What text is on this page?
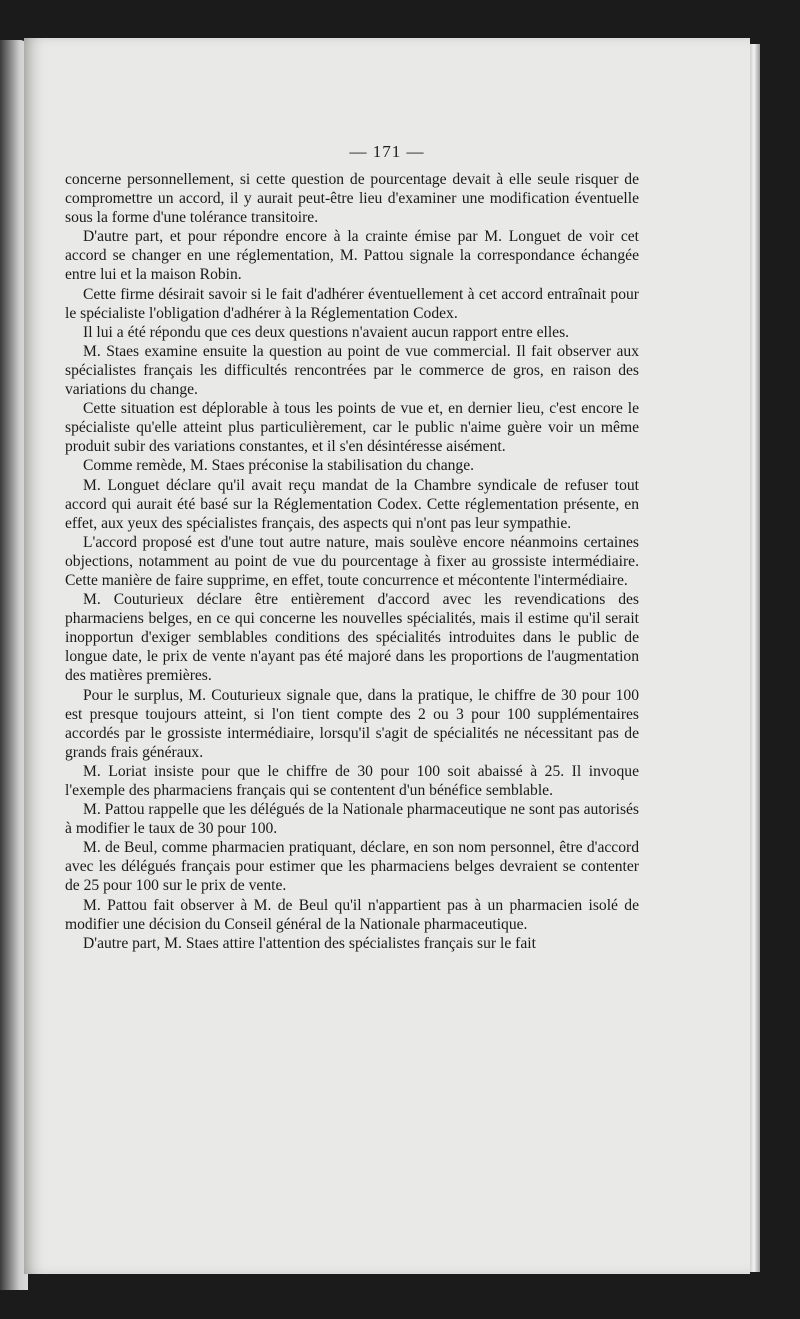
— 171 —

concerne personnellement, si cette question de pourcentage devait à elle seule risquer de compromettre un accord, il y aurait peut-être lieu d'examiner une modification éventuelle sous la forme d'une tolérance transitoire.

D'autre part, et pour répondre encore à la crainte émise par M. Longuet de voir cet accord se changer en une réglementation, M. Pattou signale la correspondance échangée entre lui et la maison Robin.

Cette firme désirait savoir si le fait d'adhérer éventuellement à cet accord entraînait pour le spécialiste l'obligation d'adhérer à la Réglementation Codex.

Il lui a été répondu que ces deux questions n'avaient aucun rapport entre elles.

M. Staes examine ensuite la question au point de vue commercial. Il fait observer aux spécialistes français les difficultés rencontrées par le commerce de gros, en raison des variations du change.

Cette situation est déplorable à tous les points de vue et, en dernier lieu, c'est encore le spécialiste qu'elle atteint plus particulièrement, car le public n'aime guère voir un même produit subir des variations constantes, et il s'en désintéresse aisément.

Comme remède, M. Staes préconise la stabilisation du change.

M. Longuet déclare qu'il avait reçu mandat de la Chambre syndicale de refuser tout accord qui aurait été basé sur la Réglementation Codex. Cette réglementation présente, en effet, aux yeux des spécialistes français, des aspects qui n'ont pas leur sympathie.

L'accord proposé est d'une tout autre nature, mais soulève encore néanmoins certaines objections, notamment au point de vue du pourcentage à fixer au grossiste intermédiaire. Cette manière de faire supprime, en effet, toute concurrence et mécontente l'intermédiaire.

M. Couturieux déclare être entièrement d'accord avec les revendications des pharmaciens belges, en ce qui concerne les nouvelles spécialités, mais il estime qu'il serait inopportun d'exiger semblables conditions des spécialités introduites dans le public de longue date, le prix de vente n'ayant pas été majoré dans les proportions de l'augmentation des matières premières.

Pour le surplus, M. Couturieux signale que, dans la pratique, le chiffre de 30 pour 100 est presque toujours atteint, si l'on tient compte des 2 ou 3 pour 100 supplémentaires accordés par le grossiste intermédiaire, lorsqu'il s'agit de spécialités ne nécessitant pas de grands frais généraux.

M. Loriat insiste pour que le chiffre de 30 pour 100 soit abaissé à 25. Il invoque l'exemple des pharmaciens français qui se contentent d'un bénéfice semblable.

M. Pattou rappelle que les délégués de la Nationale pharmaceutique ne sont pas autorisés à modifier le taux de 30 pour 100.

M. de Beul, comme pharmacien pratiquant, déclare, en son nom personnel, être d'accord avec les délégués français pour estimer que les pharmaciens belges devraient se contenter de 25 pour 100 sur le prix de vente.

M. Pattou fait observer à M. de Beul qu'il n'appartient pas à un pharmacien isolé de modifier une décision du Conseil général de la Nationale pharmaceutique.

D'autre part, M. Staes attire l'attention des spécialistes français sur le fait
